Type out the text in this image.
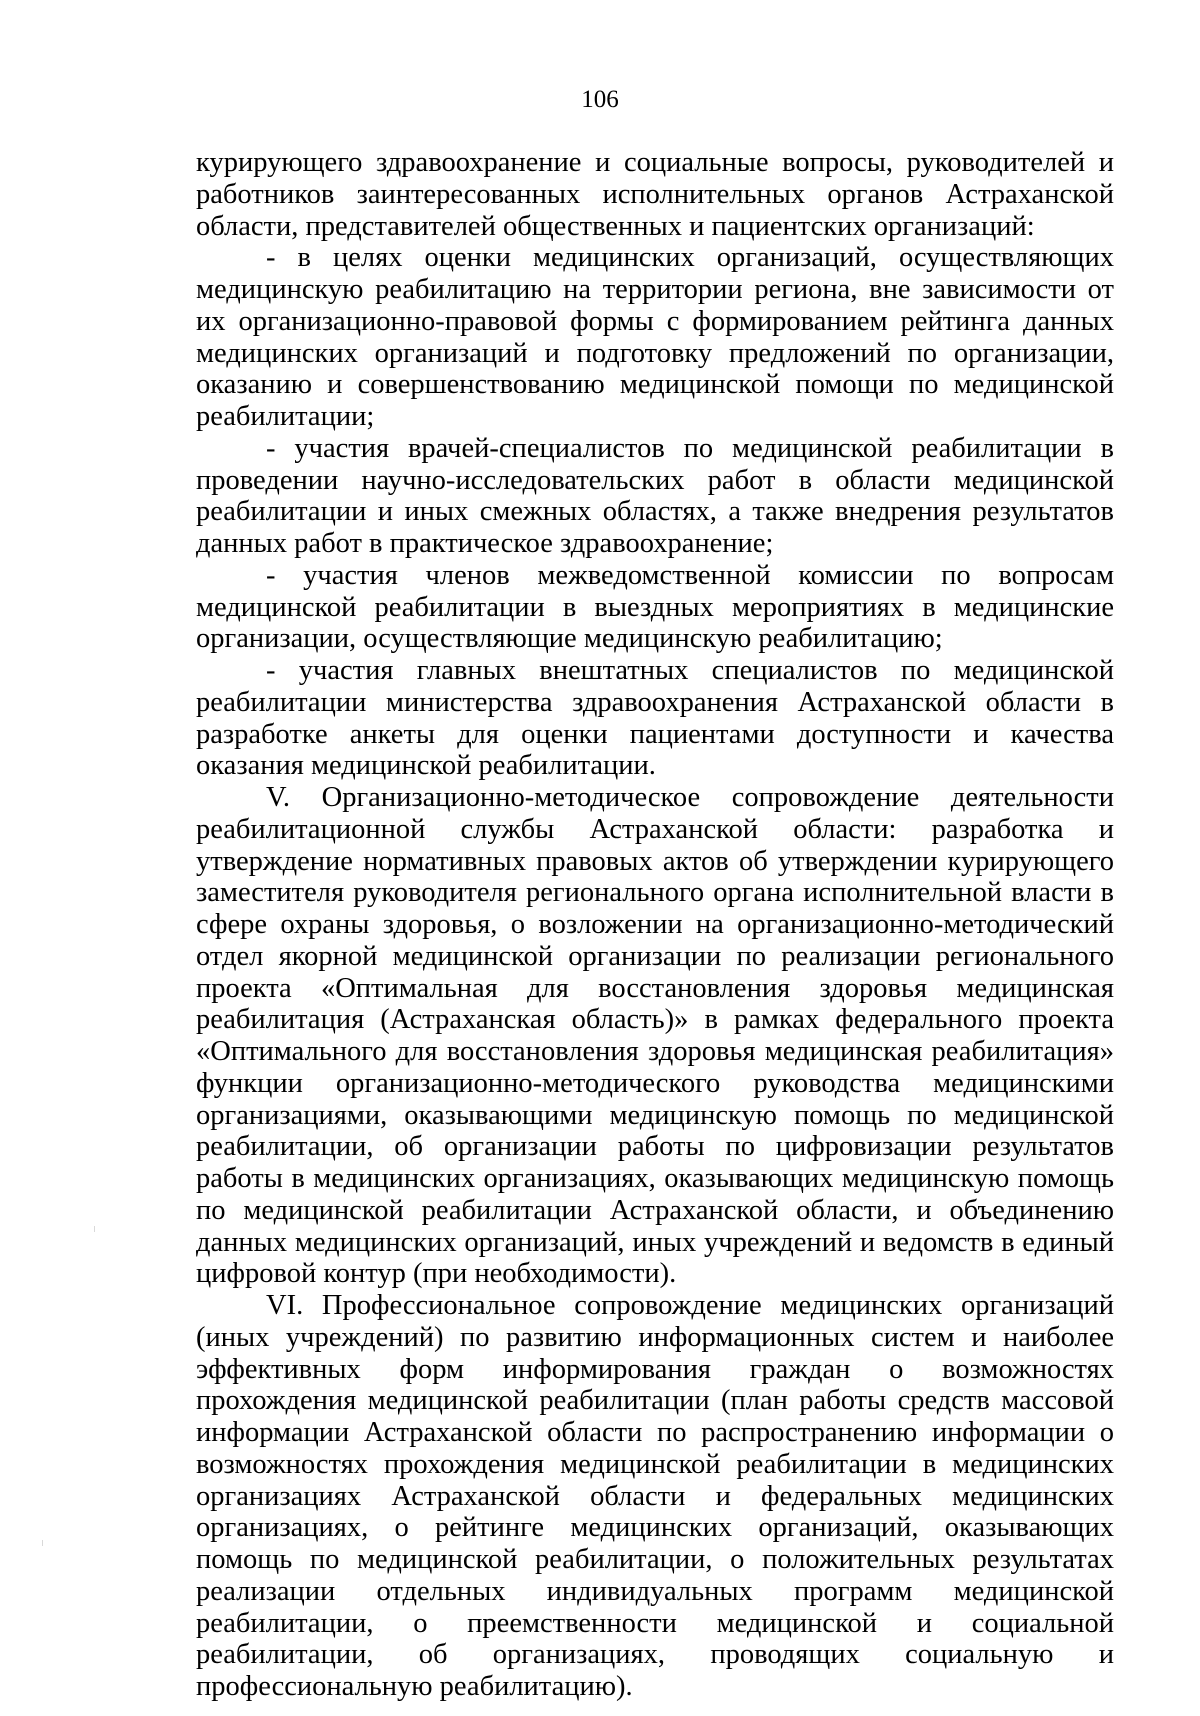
106

курирующего здравоохранение и социальные вопросы, руководителей и работников заинтересованных исполнительных органов Астраханской области, представителей общественных и пациентских организаций:

- в целях оценки медицинских организаций, осуществляющих медицинскую реабилитацию на территории региона, вне зависимости от их организационно-правовой формы с формированием рейтинга данных медицинских организаций и подготовку предложений по организации, оказанию и совершенствованию медицинской помощи по медицинской реабилитации;

- участия врачей-специалистов по медицинской реабилитации в проведении научно-исследовательских работ в области медицинской реабилитации и иных смежных областях, а также внедрения результатов данных работ в практическое здравоохранение;

- участия членов межведомственной комиссии по вопросам медицинской реабилитации в выездных мероприятиях в медицинские организации, осуществляющие медицинскую реабилитацию;

- участия главных внештатных специалистов по медицинской реабилитации министерства здравоохранения Астраханской области в разработке анкеты для оценки пациентами доступности и качества оказания медицинской реабилитации.

V. Организационно-методическое сопровождение деятельности реабилитационной службы Астраханской области: разработка и утверждение нормативных правовых актов об утверждении курирующего заместителя руководителя регионального органа исполнительной власти в сфере охраны здоровья, о возложении на организационно-методический отдел якорной медицинской организации по реализации регионального проекта «Оптимальная для восстановления здоровья медицинская реабилитация (Астраханская область)» в рамках федерального проекта «Оптимального для восстановления здоровья медицинская реабилитация» функции организационно-методического руководства медицинскими организациями, оказывающими медицинскую помощь по медицинской реабилитации, об организации работы по цифровизации результатов работы в медицинских организациях, оказывающих медицинскую помощь по медицинской реабилитации Астраханской области, и объединению данных медицинских организаций, иных учреждений и ведомств в единый цифровой контур (при необходимости).

VI. Профессиональное сопровождение медицинских организаций (иных учреждений) по развитию информационных систем и наиболее эффективных форм информирования граждан о возможностях прохождения медицинской реабилитации (план работы средств массовой информации Астраханской области по распространению информации о возможностях прохождения медицинской реабилитации в медицинских организациях Астраханской области и федеральных медицинских организациях, о рейтинге медицинских организаций, оказывающих помощь по медицинской реабилитации, о положительных результатах реализации отдельных индивидуальных программ медицинской реабилитации, о преемственности медицинской и социальной реабилитации, об организациях, проводящих социальную и профессиональную реабилитацию).
